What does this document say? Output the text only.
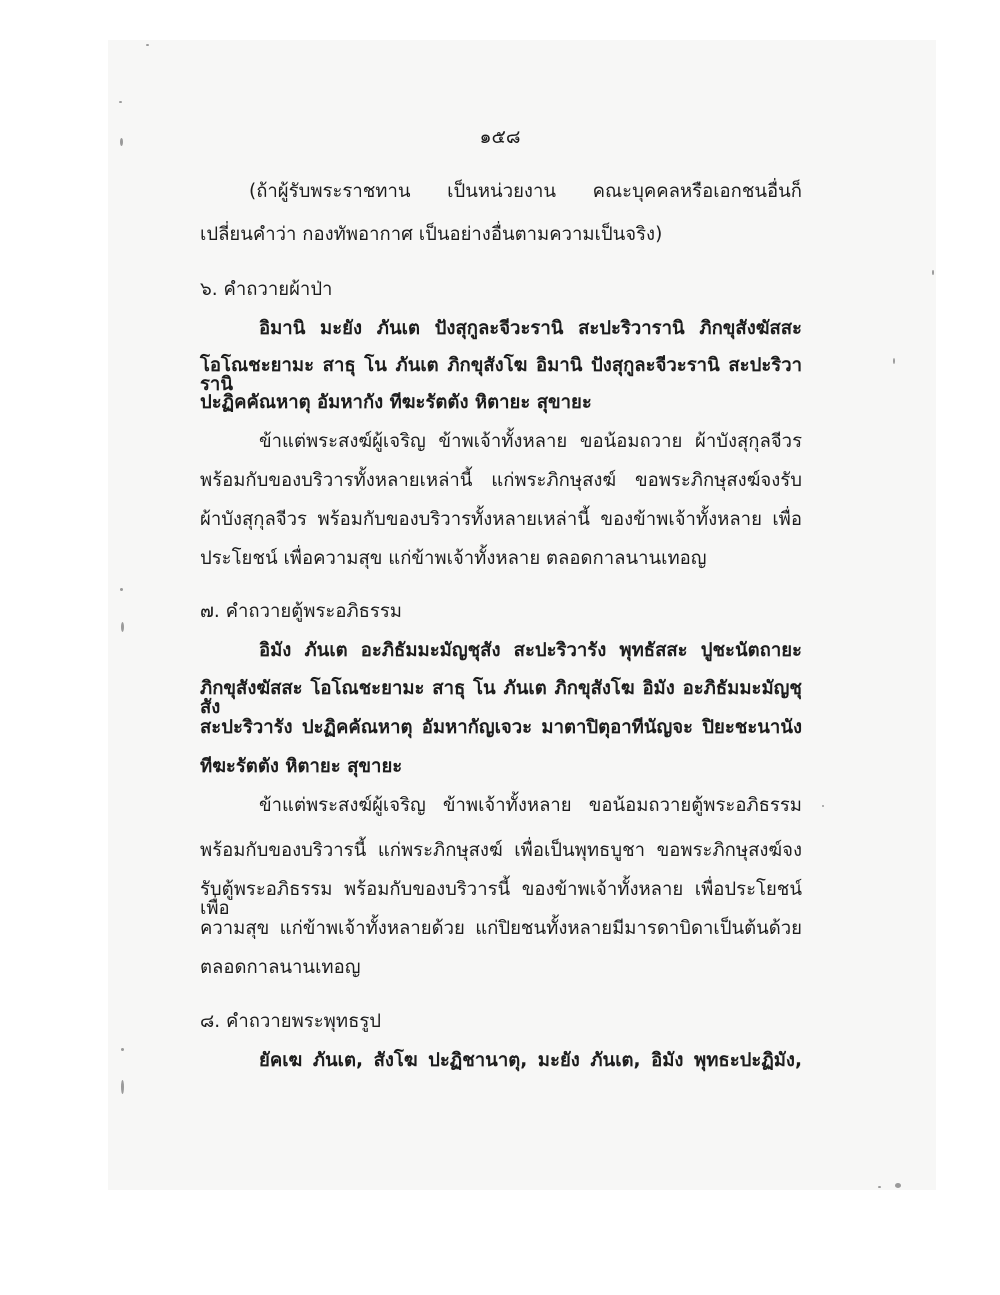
๑๕๘

(ถ้าผู้รับพระราชทาน เป็นหน่วยงาน คณะบุคคลหรือเอกชนอื่นก็

เปลี่ยนคำว่า กองทัพอากาศ เป็นอย่างอื่นตามความเป็นจริง)

๖. คำถวายผ้าป่า

อิมานิ มะยัง ภันเต ปังสุกูละจีวะรานิ สะปะริวารานิ ภิกขุสังฆัสสะ

โอโณชะยามะ สาธุ โน ภันเต ภิกขุสังโฆ อิมานิ ปังสุกูละจีวะรานิ สะปะริวารานิ

ปะฏิคคัณหาตุ อัมหากัง ทีฆะรัตตัง หิตายะ สุขายะ

ข้าแต่พระสงฆ์ผู้เจริญ ข้าพเจ้าทั้งหลาย ขอน้อมถวาย ผ้าบังสุกุลจีวร

พร้อมกับของบริวารทั้งหลายเหล่านี้ แก่พระภิกษุสงฆ์ ขอพระภิกษุสงฆ์จงรับ

ผ้าบังสุกุลจีวร พร้อมกับของบริวารทั้งหลายเหล่านี้ ของข้าพเจ้าทั้งหลาย เพื่อ

ประโยชน์ เพื่อความสุข แก่ข้าพเจ้าทั้งหลาย ตลอดกาลนานเทอญ

๗. คำถวายตู้พระอภิธรรม

อิมัง ภันเต อะภิธัมมะมัญชุสัง สะปะริวารัง พุทธัสสะ ปูชะนัตถายะ

ภิกขุสังฆัสสะ โอโณชะยามะ สาธุ โน ภันเต ภิกขุสังโฆ อิมัง อะภิธัมมะมัญชุสัง

สะปะริวารัง ปะฏิคคัณหาตุ อัมหากัญเจวะ มาตาปิตุอาทีนัญจะ ปิยะชะนานัง

ทีฆะรัตตัง หิตายะ สุขายะ

ข้าแต่พระสงฆ์ผู้เจริญ ข้าพเจ้าทั้งหลาย ขอน้อมถวายตู้พระอภิธรรม

พร้อมกับของบริวารนี้ แก่พระภิกษุสงฆ์ เพื่อเป็นพุทธบูชา ขอพระภิกษุสงฆ์จง

รับตู้พระอภิธรรม พร้อมกับของบริวารนี้ ของข้าพเจ้าทั้งหลาย เพื่อประโยชน์ เพื่อ

ความสุข แก่ข้าพเจ้าทั้งหลายด้วย แก่ปิยชนทั้งหลายมีมารดาบิดาเป็นต้นด้วย

ตลอดกาลนานเทอญ

๘. คำถวายพระพุทธรูป

ยัคเฆ ภันเต, สังโฆ ปะฏิชานาตุ, มะยัง ภันเต, อิมัง พุทธะปะฏิมัง,
